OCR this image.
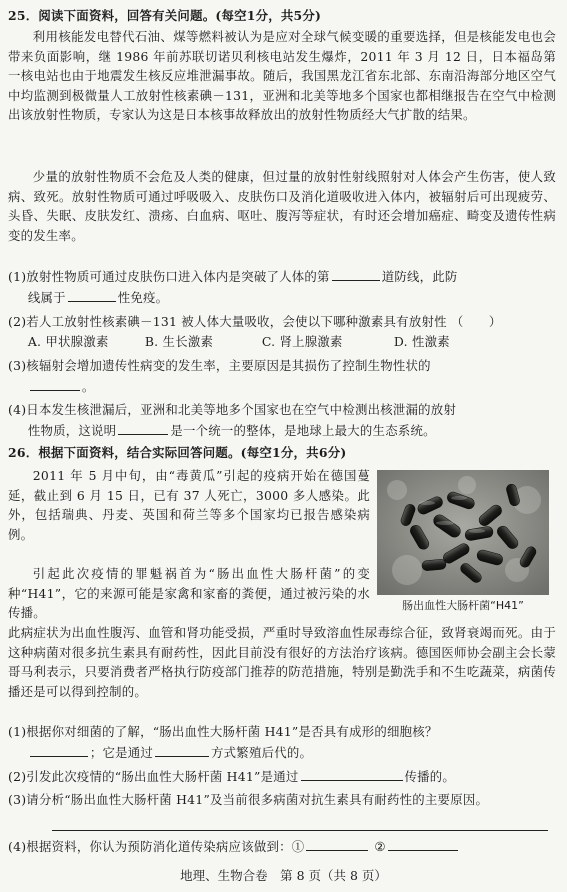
25．阅读下面资料，回答有关问题。(每空1分，共5分)
利用核能发电替代石油、煤等燃料被认为是应对全球气候变暖的重要选择，但是核能发电也会带来负面影响，继 1986 年前苏联切诺贝利核电站发生爆炸，2011 年 3 月 12 日，日本福岛第一核电站也由于地震发生核反应堆泄漏事故。随后，我国黑龙江省东北部、东南沿海部分地区空气中均监测到极微量人工放射性核素碘－131，亚洲和北美等地多个国家也都相继报告在空气中检测出该放射性物质，专家认为这是日本核事故释放出的放射性物质经大气扩散的结果。
少量的放射性物质不会危及人类的健康，但过量的放射性射线照射对人体会产生伤害，使人致病、致死。放射性物质可通过呼吸吸入、皮肤伤口及消化道吸收进入体内，被辐射后可出现疲劳、头昏、失眠、皮肤发红、溃疡、白血病、呕吐、腹泻等症状，有时还会增加癌症、畸变及遗传性病变的发生率。
(1)放射性物质可通过皮肤伤口进入体内是突破了人体的第	道防线，此防
线属于	性免疫。
(2)若人工放射性核素碘－131 被人体大量吸收，会使以下哪种激素具有放射性 （　　）
A. 甲状腺激素	B. 生长激素	C. 肾上腺激素	D. 性激素
(3)核辐射会增加遗传性病变的发生率，主要原因是其损伤了控制生物性状的
。
(4)日本发生核泄漏后，亚洲和北美等地多个国家也在空气中检测出核泄漏的放射
性物质，这说明	是一个统一的整体，是地球上最大的生态系统。
26．根据下面资料，结合实际回答问题。(每空1分，共6分)
2011 年 5 月中旬，由“毒黄瓜”引起的疫病开始在德国蔓延，截止到 6 月 15 日，已有 37 人死亡，3000 多人感染。此外，包括瑞典、丹麦、英国和荷兰等多个国家均已报告感染病例。
引起此次疫情的罪魁祸首为“肠出血性大肠杆菌”的变种“H41”，它的来源可能是家禽和家畜的粪便，通过被污染的水传播。
此病症状为出血性腹泻、血管和肾功能受损，严重时导致溶血性尿毒综合征，致肾衰竭而死。由于这种病菌对很多抗生素具有耐药性，因此目前没有很好的方法治疗该病。德国医师协会副主会长蒙哥马利表示，只要消费者严格执行防疫部门推荐的防范措施，特别是勤洗手和不生吃蔬菜，病菌传播还是可以得到控制的。
肠出血性大肠杆菌“H41”
(1)根据你对细菌的了解，“肠出血性大肠杆菌 H41”是否具有成形的细胞核？
；它是通过	方式繁殖后代的。
(2)引发此次疫情的“肠出血性大肠杆菌 H41”是通过	传播的。
(3)请分析“肠出血性大肠杆菌 H41”及当前很多病菌对抗生素具有耐药性的主要原因。
(4)根据资料，你认为预防消化道传染病应该做到：①	②
地理、生物合卷　第 8 页（共 8 页）
